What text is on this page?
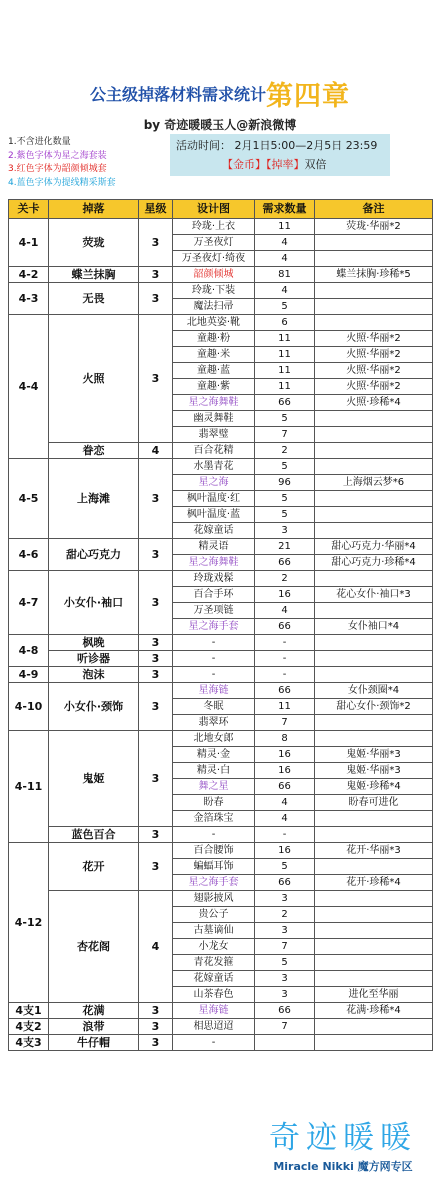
公主级掉落材料需求统计第四章
by 奇迹暖暖玉人@新浪微博
1.不含进化数量
2.紫色字体为星之海套装
3.红色字体为韶颜倾城套
4.蓝色字体为提线精采斯套
活动时间： 2月1日5:00—2月5日 23:59
【金币】【掉率】双倍
关卡	掉落	星级	设计图	需求数量	备注
4-1	荧珑	3	玲珑·上衣	11	荧珑·华丽*2
			万圣夜灯	4	
			万圣夜灯·绮夜	4	
4-2	蝶兰抹胸	3	韶颜倾城	81	蝶兰抹胸·珍稀*5
4-3	无畏	3	玲珑·下装	4	
			魔法扫帚	5	
4-4	火照	3	北地英姿·靴	6	
			童趣·粉	11	火照·华丽*2
			童趣·米	11	火照·华丽*2
			童趣·蓝	11	火照·华丽*2
			童趣·紫	11	火照·华丽*2
			星之海舞鞋	66	火照·珍稀*4
			幽灵舞鞋	5	
			翡翠璧	7	
	眷恋	4	百合花精	2	
4-5	上海滩	3	水墨青花	5	
			星之海	96	上海烟云梦*6
			枫叶温度·红	5	
			枫叶温度·蓝	5	
			花嫁童话	3	
4-6	甜心巧克力	3	精灵语	21	甜心巧克力·华丽*4
			星之海舞鞋	66	甜心巧克力·珍稀*4
4-7	小女仆·袖口	3	玲珑戏髹	2	
			百合手环	16	花心女仆·袖口*3
			万圣项链	4	
			星之海手套	66	女仆袖口*4
4-8	枫晚	3	-	-	
	听诊器	3	-	-	
4-9	泡沫	3	-	-	
4-10	小女仆·颈饰	3	星海链	66	女仆颈圈*4
			冬眠	11	甜心女仆·颈饰*2
			翡翠环	7	
4-11	鬼姬	3	北地女郎	8	
			精灵·金	16	鬼姬·华丽*3
			精灵·白	16	鬼姬·华丽*3
			舞之星	66	鬼姬·珍稀*4
			盼春	4	盼春可进化
			金箔珠宝	4	
	蓝色百合	3	-	-	
4-12	花开	3	百合腰饰	16	花开·华丽*3
			蝙蝠耳饰	5	
			星之海手套	66	花开·珍稀*4
	杏花阁	4	翅影披风	3	
			贵公子	2	
			古墓谪仙	3	
			小龙女	7	
			青花发箍	5	
			花嫁童话	3	
			山茶春色	3	进化至华丽
4支1	花满	3	星海链	66	花满·珍稀*4
4支2	浪带	3	相思迢迢	7	
4支3	牛仔帽	3	-		
奇迹暖暖
Miracle Nikki 魔方网专区
